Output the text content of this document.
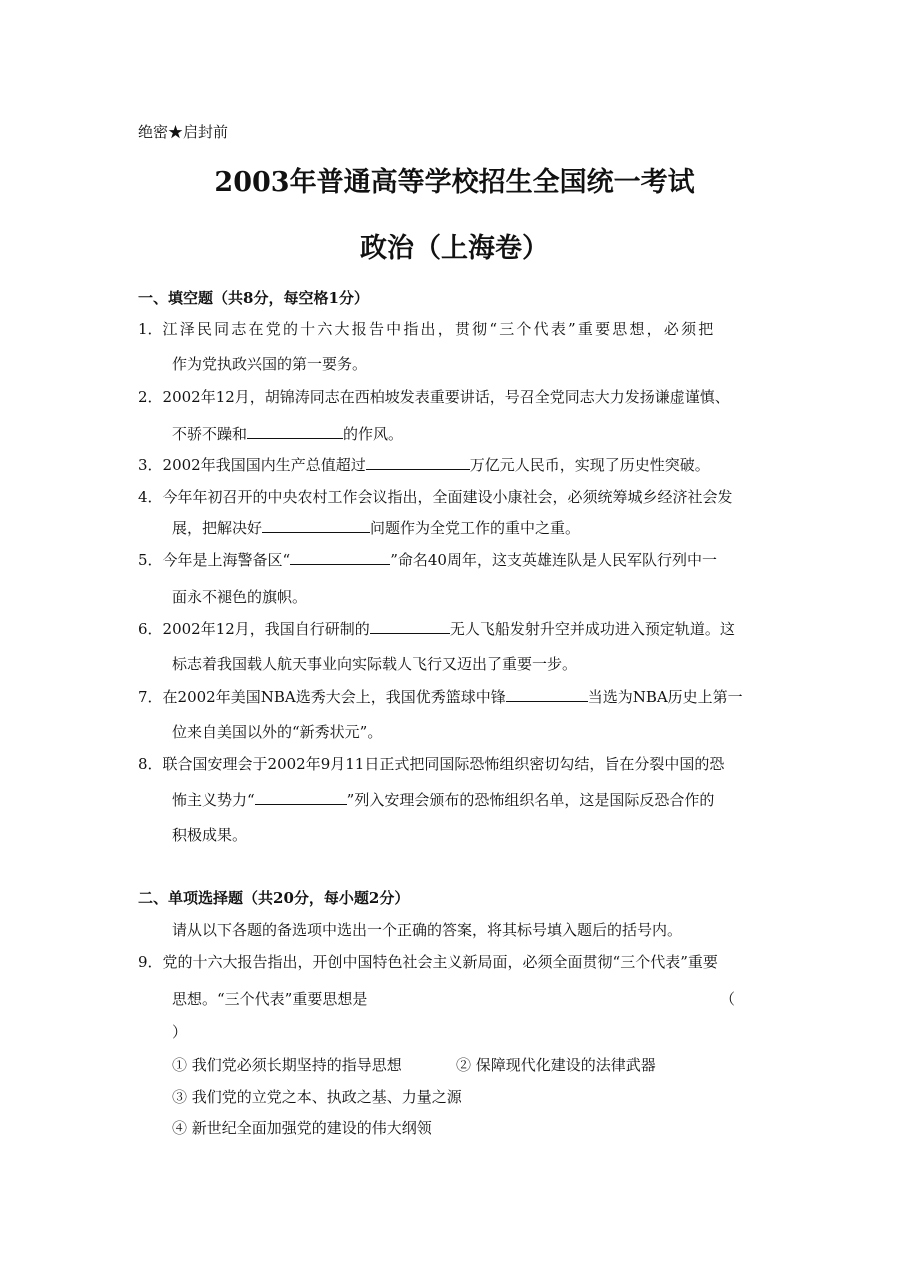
绝密★启封前
2003年普通高等学校招生全国统一考试
政治（上海卷）
一、填空题（共8分，每空格1分）
1．江泽民同志在党的十六大报告中指出，贯彻“三个代表”重要思想，必须把
作为党执政兴国的第一要务。
2．2002年12月，胡锦涛同志在西柏坡发表重要讲话，号召全党同志大力发扬谦虚谨慎、
不骄不躁和	的作风。
3．2002年我国国内生产总值超过	万亿元人民币，实现了历史性突破。
4．今年年初召开的中央农村工作会议指出，全面建设小康社会，必须统筹城乡经济社会发
展，把解决好	问题作为全党工作的重中之重。
5．今年是上海警备区“	”命名40周年，这支英雄连队是人民军队行列中一
面永不褪色的旗帜。
6．2002年12月，我国自行研制的	无人飞船发射升空并成功进入预定轨道。这
标志着我国载人航天事业向实际载人飞行又迈出了重要一步。
7．在2002年美国NBA选秀大会上，我国优秀篮球中锋	当选为NBA历史上第一
位来自美国以外的“新秀状元”。
8．联合国安理会于2002年9月11日正式把同国际恐怖组织密切勾结，旨在分裂中国的恐
怖主义势力“	”列入安理会颁布的恐怖组织名单，这是国际反恐合作的
积极成果。
二、单项选择题（共20分，每小题2分）
请从以下各题的备选项中选出一个正确的答案，将其标号填入题后的括号内。
9．党的十六大报告指出，开创中国特色社会主义新局面，必须全面贯彻“三个代表”重要
思想。“三个代表”重要思想是	（
）
① 我们党必须长期坚持的指导思想	② 保障现代化建设的法律武器
③ 我们党的立党之本、执政之基、力量之源
④ 新世纪全面加强党的建设的伟大纲领
